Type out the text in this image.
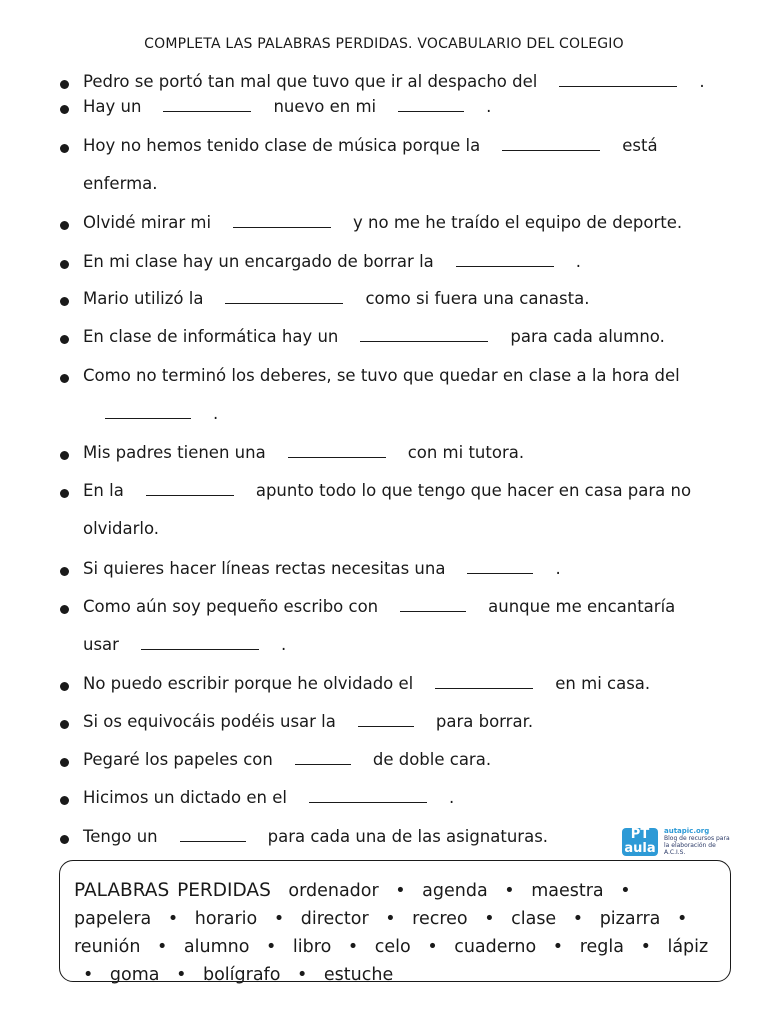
COMPLETA LAS PALABRAS PERDIDAS. VOCABULARIO DEL COLEGIO
Pedro se portó tan mal que tuvo que ir al despacho del	.
Hay un	nuevo en mi	.
Hoy no hemos tenido clase de música porque la	está
enferma.
Olvidé mirar mi	y no me he traído el equipo de deporte.
En mi clase hay un encargado de borrar la	.
Mario utilizó la	como si fuera una canasta.
En clase de informática hay un	para cada alumno.
Como no terminó los deberes, se tuvo que quedar en clase a la hora del
.
Mis padres tienen una	con mi tutora.
En la	apunto todo lo que tengo que hacer en casa para no
olvidarlo.
Si quieres hacer líneas rectas necesitas una	.
Como aún soy pequeño escribo con	aunque me encantaría
usar	.
No puedo escribir porque he olvidado el	en mi casa.
Si os equivocáis podéis usar la	para borrar.
Pegaré los papeles con	de doble cara.
Hicimos un dictado en el	.
Tengo un	para cada una de las asignaturas.	PT aula
autapic.org
Blog de recursos para la elaboración de A.C.I.S.
PALABRAS PERDIDAS ordenador • agenda • maestra • papelera • horario • director • recreo • clase • pizarra • reunión • alumno • libro • celo • cuaderno • regla • lápiz • goma • bolígrafo • estuche
